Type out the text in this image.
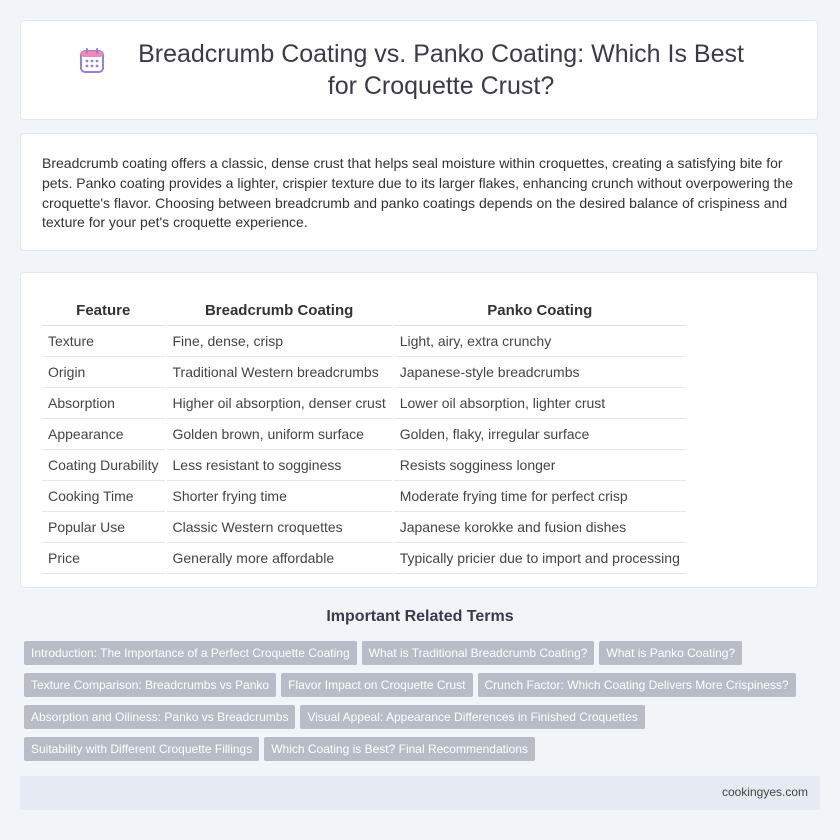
Breadcrumb Coating vs. Panko Coating: Which Is Best for Croquette Crust?

Breadcrumb coating offers a classic, dense crust that helps seal moisture within croquettes, creating a satisfying bite for pets. Panko coating provides a lighter, crispier texture due to its larger flakes, enhancing crunch without overpowering the croquette's flavor. Choosing between breadcrumb and panko coatings depends on the desired balance of crispiness and texture for your pet's croquette experience.

Feature		Breadcrumb Coating		Panko Coating
Texture		Fine, dense, crisp		Light, airy, extra crunchy
Origin		Traditional Western breadcrumbs		Japanese-style breadcrumbs
Absorption		Higher oil absorption, denser crust		Lower oil absorption, lighter crust
Appearance		Golden brown, uniform surface		Golden, flaky, irregular surface
Coating Durability		Less resistant to sogginess		Resists sogginess longer
Cooking Time		Shorter frying time		Moderate frying time for perfect crisp
Popular Use		Classic Western croquettes		Japanese korokke and fusion dishes
Price		Generally more affordable		Typically pricier due to import and processing
Important Related Terms
Introduction: The Importance of a Perfect Croquette Coating What is Traditional Breadcrumb Coating? What is Panko Coating?
Texture Comparison: Breadcrumbs vs Panko Flavor Impact on Croquette Crust Crunch Factor: Which Coating Delivers More Crispiness?
Absorption and Oiliness: Panko vs Breadcrumbs Visual Appeal: Appearance Differences in Finished Croquettes
Suitability with Different Croquette Fillings Which Coating is Best? Final Recommendations
cookingyes.com
